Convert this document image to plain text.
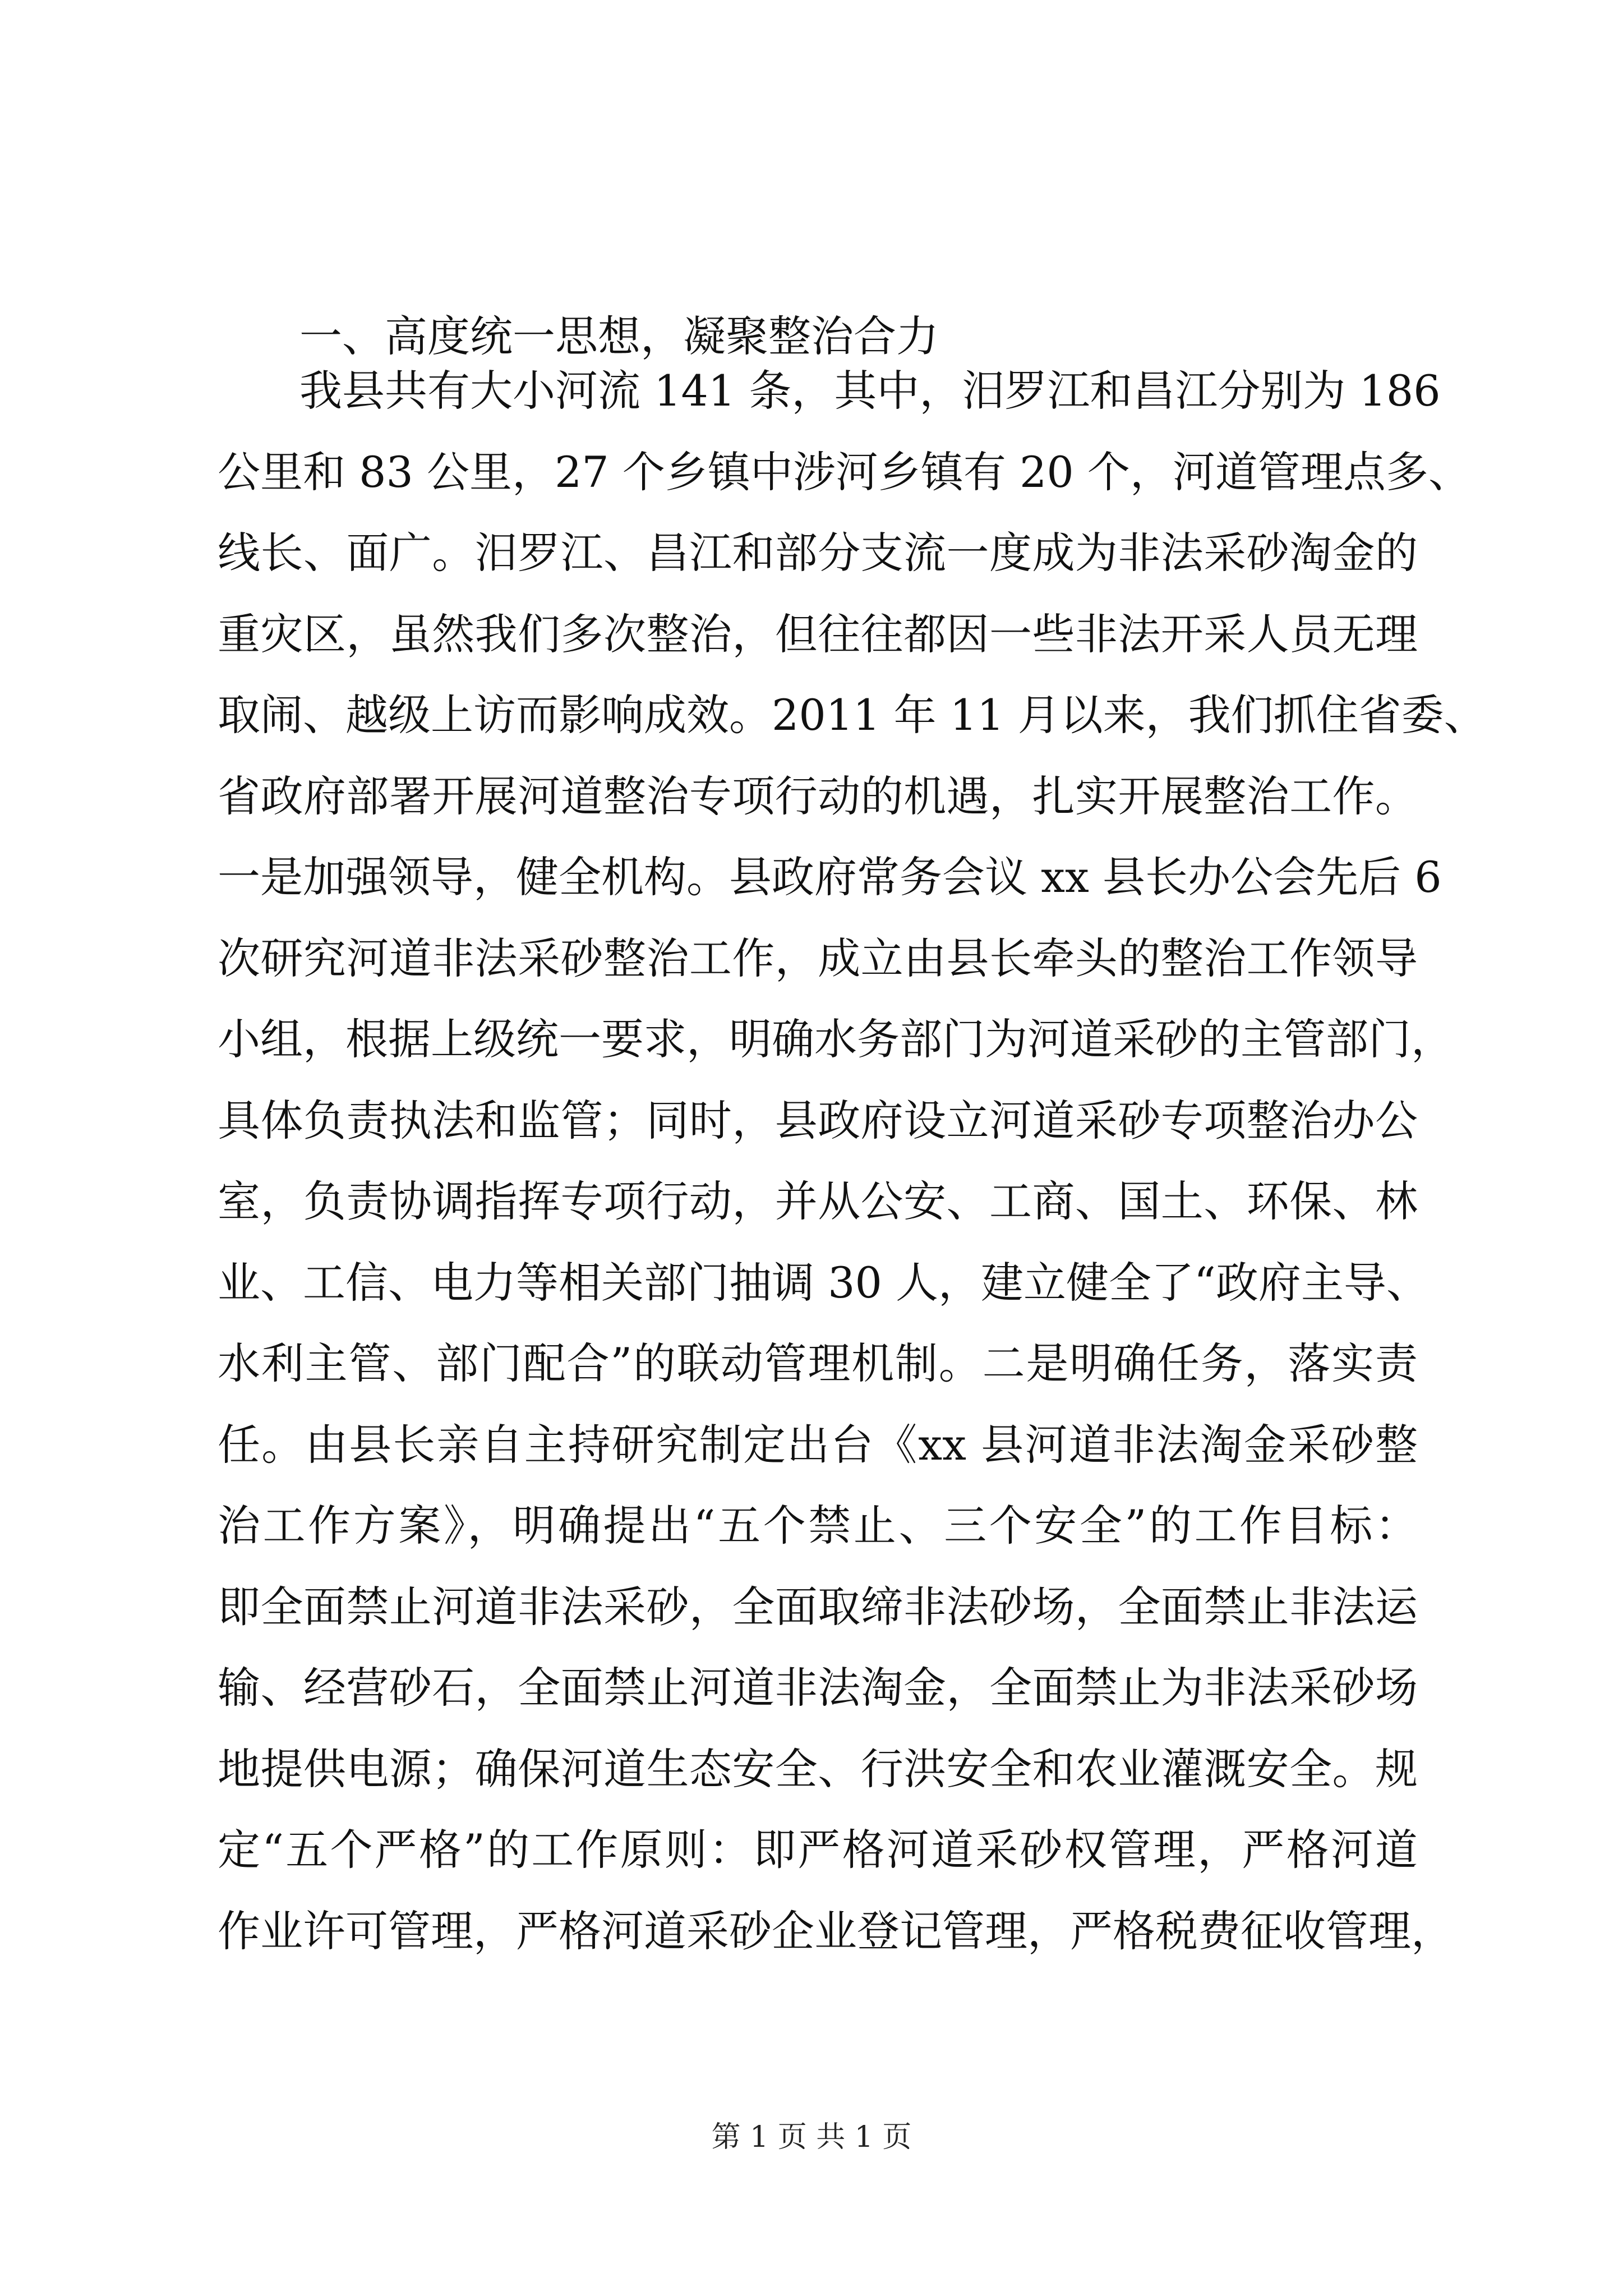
一、高度统一思想，凝聚整治合力
我县共有大小河流 141 条，其中，汨罗江和昌江分别为 186
公里和 83 公里，27 个乡镇中涉河乡镇有 20 个，河道管理点多、
线长、面广。汨罗江、昌江和部分支流一度成为非法采砂淘金的
重灾区，虽然我们多次整治，但往往都因一些非法开采人员无理
取闹、越级上访而影响成效。2011 年 11 月以来，我们抓住省委、
省政府部署开展河道整治专项行动的机遇，扎实开展整治工作。
一是加强领导，健全机构。县政府常务会议 xx 县长办公会先后 6
次研究河道非法采砂整治工作，成立由县长牵头的整治工作领导
小组，根据上级统一要求，明确水务部门为河道采砂的主管部门，
具体负责执法和监管；同时，县政府设立河道采砂专项整治办公
室，负责协调指挥专项行动，并从公安、工商、国土、环保、林
业、工信、电力等相关部门抽调 30 人，建立健全了“政府主导、
水利主管、部门配合”的联动管理机制。二是明确任务，落实责
任。由县长亲自主持研究制定出台《xx 县河道非法淘金采砂整
治工作方案》，明确提出“五个禁止、三个安全”的工作目标：
即全面禁止河道非法采砂，全面取缔非法砂场，全面禁止非法运
输、经营砂石，全面禁止河道非法淘金，全面禁止为非法采砂场
地提供电源；确保河道生态安全、行洪安全和农业灌溉安全。规
定“五个严格”的工作原则：即严格河道采砂权管理，严格河道
作业许可管理，严格河道采砂企业登记管理，严格税费征收管理，
第 1 页 共 1 页
